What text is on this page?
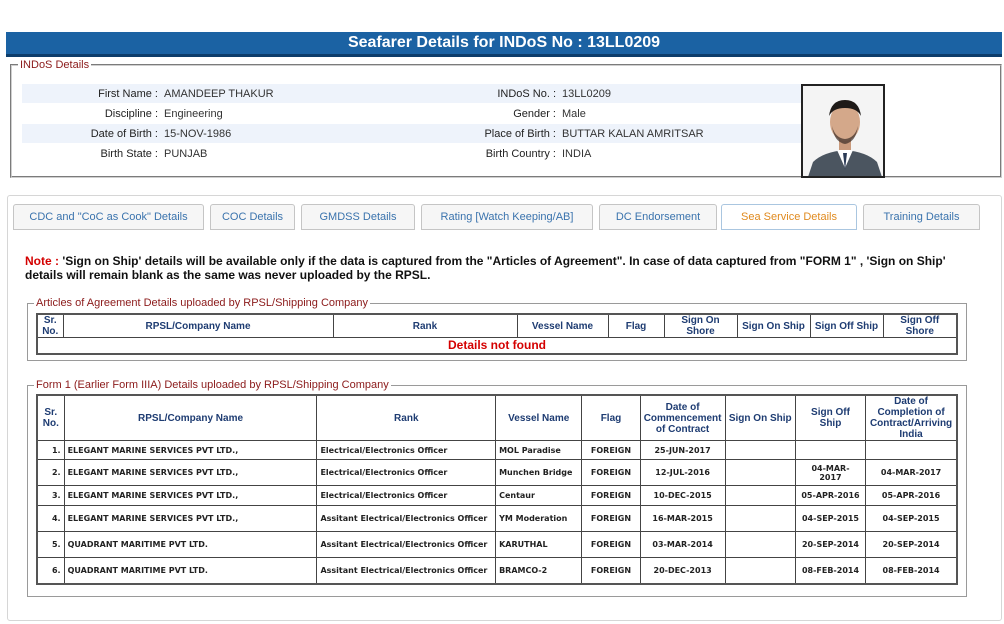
Seafarer Details for INDoS No : 13LL0209
INDoS Details
First Name : AMANDEEP THAKUR	INDoS No. : 13LL0209
Discipline : Engineering	Gender : Male
Date of Birth : 15-NOV-1986	Place of Birth : BUTTAR KALAN AMRITSAR
Birth State : PUNJAB	Birth Country : INDIA
CDC and "CoC as Cook" Details	COC Details	GMDSS Details	Rating [Watch Keeping/AB]	DC Endorsement	Sea Service Details	Training Details
Note : 'Sign on Ship' details will be available only if the data is captured from the "Articles of Agreement". In case of data captured from "FORM 1" , 'Sign on Ship' details will remain blank as the same was never uploaded by the RPSL.
Articles of Agreement Details uploaded by RPSL/Shipping Company
Sr. No.	RPSL/Company Name	Rank	Vessel Name	Flag	Sign On Shore	Sign On Ship	Sign Off Ship	Sign Off Shore
Details not found
Form 1 (Earlier Form IIIA) Details uploaded by RPSL/Shipping Company
Sr. No.	RPSL/Company Name	Rank	Vessel Name	Flag	Date of Commencement of Contract	Sign On Ship	Sign Off Ship	Date of Completion of Contract/Arriving India
1.	ELEGANT MARINE SERVICES PVT LTD.,	Electrical/Electronics Officer	MOL Paradise	FOREIGN	25-JUN-2017			
2.	ELEGANT MARINE SERVICES PVT LTD.,	Electrical/Electronics Officer	Munchen Bridge	FOREIGN	12-JUL-2016		04-MAR-2017	04-MAR-2017
3.	ELEGANT MARINE SERVICES PVT LTD.,	Electrical/Electronics Officer	Centaur	FOREIGN	10-DEC-2015		05-APR-2016	05-APR-2016
4.	ELEGANT MARINE SERVICES PVT LTD.,	Assitant Electrical/Electronics Officer	YM Moderation	FOREIGN	16-MAR-2015		04-SEP-2015	04-SEP-2015
5.	QUADRANT MARITIME PVT LTD.	Assitant Electrical/Electronics Officer	KARUTHAL	FOREIGN	03-MAR-2014		20-SEP-2014	20-SEP-2014
6.	QUADRANT MARITIME PVT LTD.	Assitant Electrical/Electronics Officer	BRAMCO-2	FOREIGN	20-DEC-2013		08-FEB-2014	08-FEB-2014
